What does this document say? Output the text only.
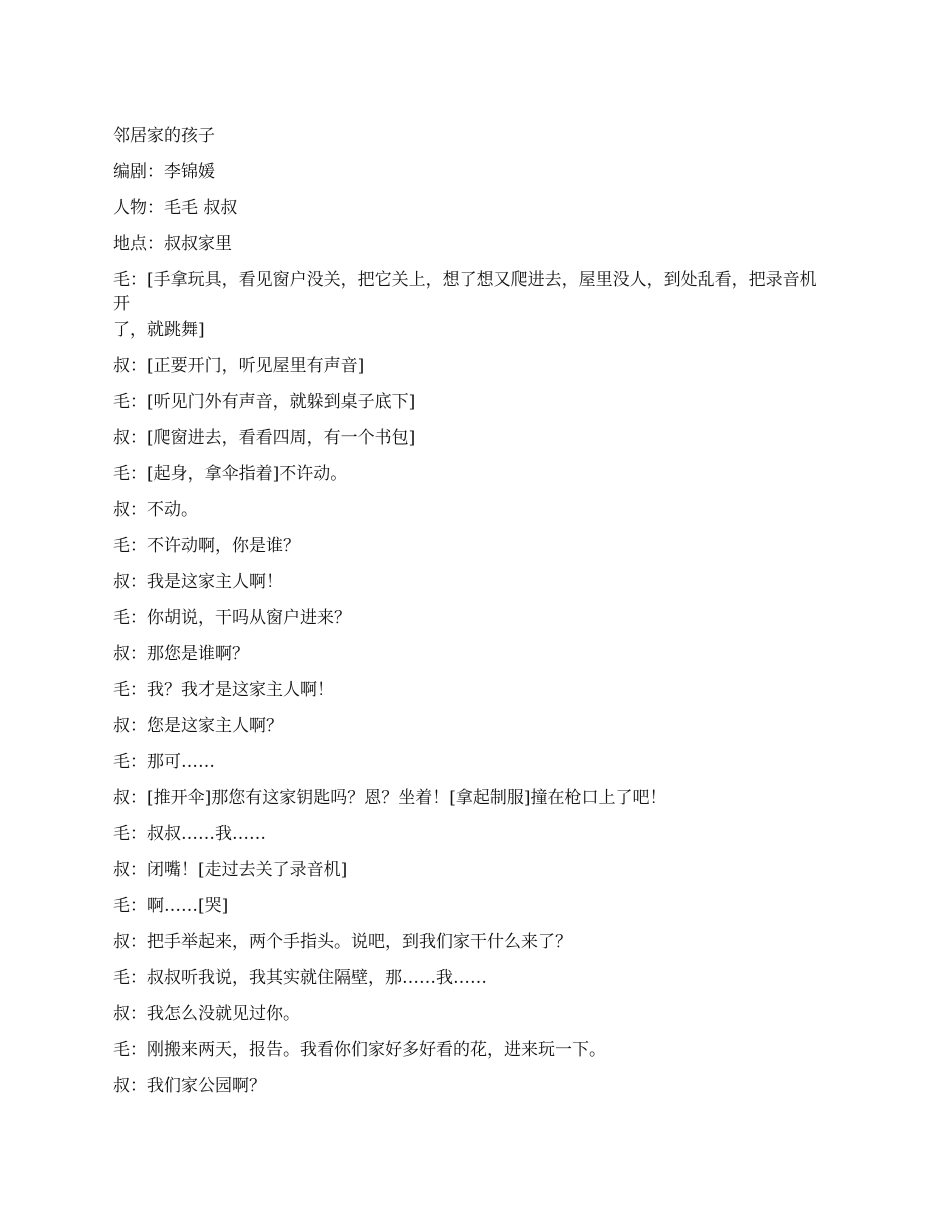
邻居家的孩子

编剧：李锦媛

人物：毛毛 叔叔

地点：叔叔家里

毛：[手拿玩具，看见窗户没关，把它关上，想了想又爬进去，屋里没人，到处乱看，把录音机开

了，就跳舞]

叔：[正要开门，听见屋里有声音]

毛：[听见门外有声音，就躲到桌子底下]

叔：[爬窗进去，看看四周，有一个书包]

毛：[起身，拿伞指着]不许动。

叔：不动。

毛：不许动啊，你是谁？

叔：我是这家主人啊！

毛：你胡说，干吗从窗户进来？

叔：那您是谁啊？

毛：我？我才是这家主人啊！

叔：您是这家主人啊？

毛：那可……

叔：[推开伞]那您有这家钥匙吗？恩？坐着！[拿起制服]撞在枪口上了吧！

毛：叔叔……我……

叔：闭嘴！[走过去关了录音机]

毛：啊……[哭]

叔：把手举起来，两个手指头。说吧，到我们家干什么来了？

毛：叔叔听我说，我其实就住隔壁，那……我……

叔：我怎么没就见过你。

毛：刚搬来两天，报告。我看你们家好多好看的花，进来玩一下。

叔：我们家公园啊？
